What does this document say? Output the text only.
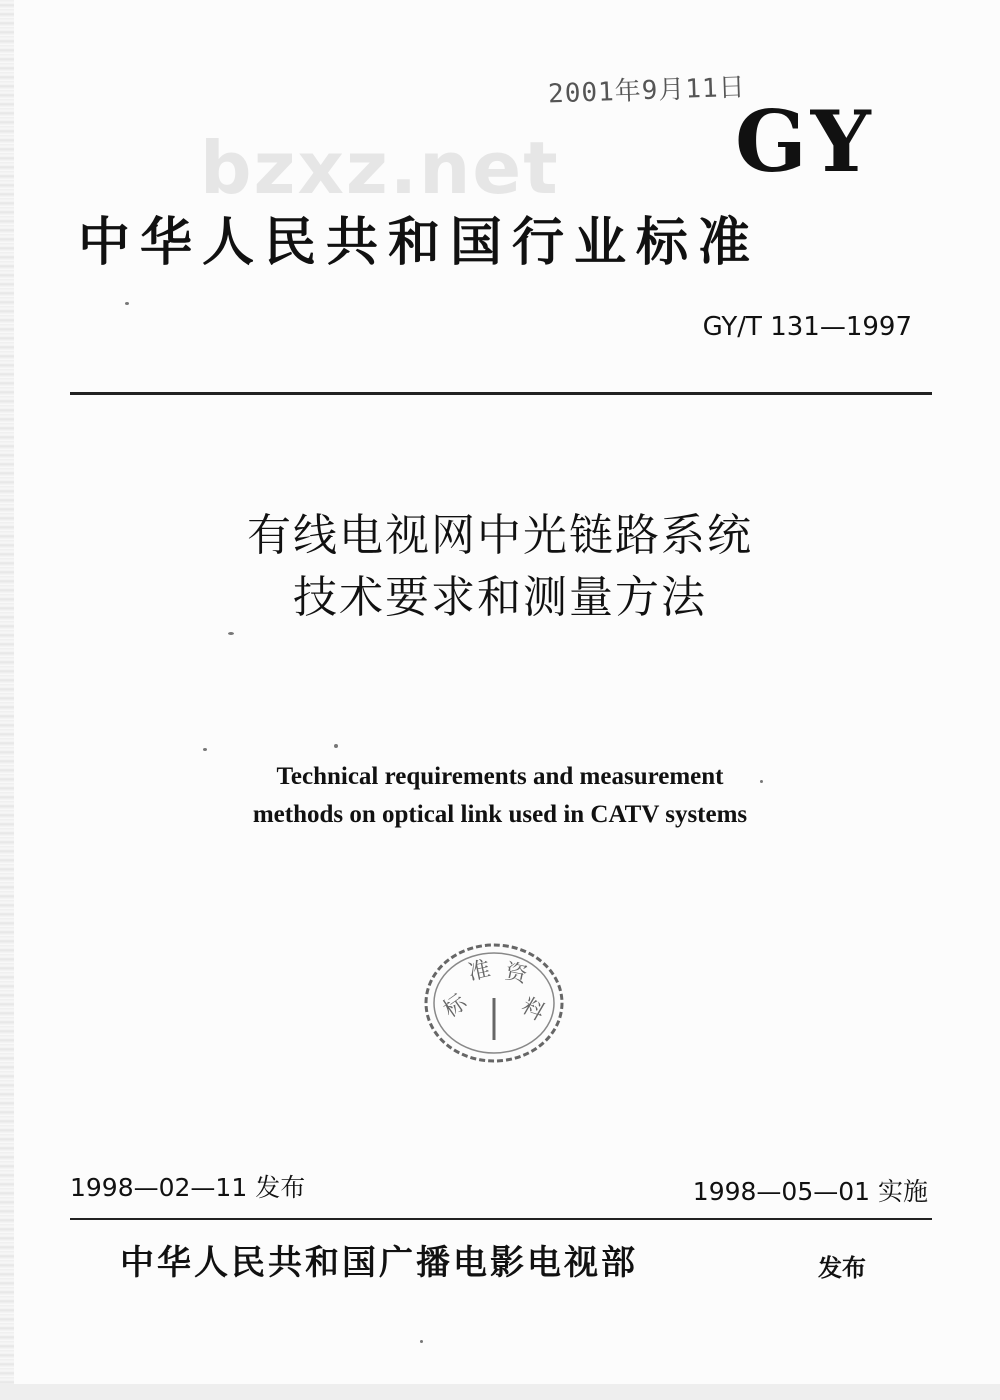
2001年9月11日
GY
bzxz.net
中华人民共和国行业标准
GY/T 131—1997
有线电视网中光链路系统
技术要求和测量方法
Technical requirements and measurement
methods on optical link used in CATV systems
标
准 资
料
1998—02—11 发布	1998—05—01 实施
中华人民共和国广播电影电视部	发布
